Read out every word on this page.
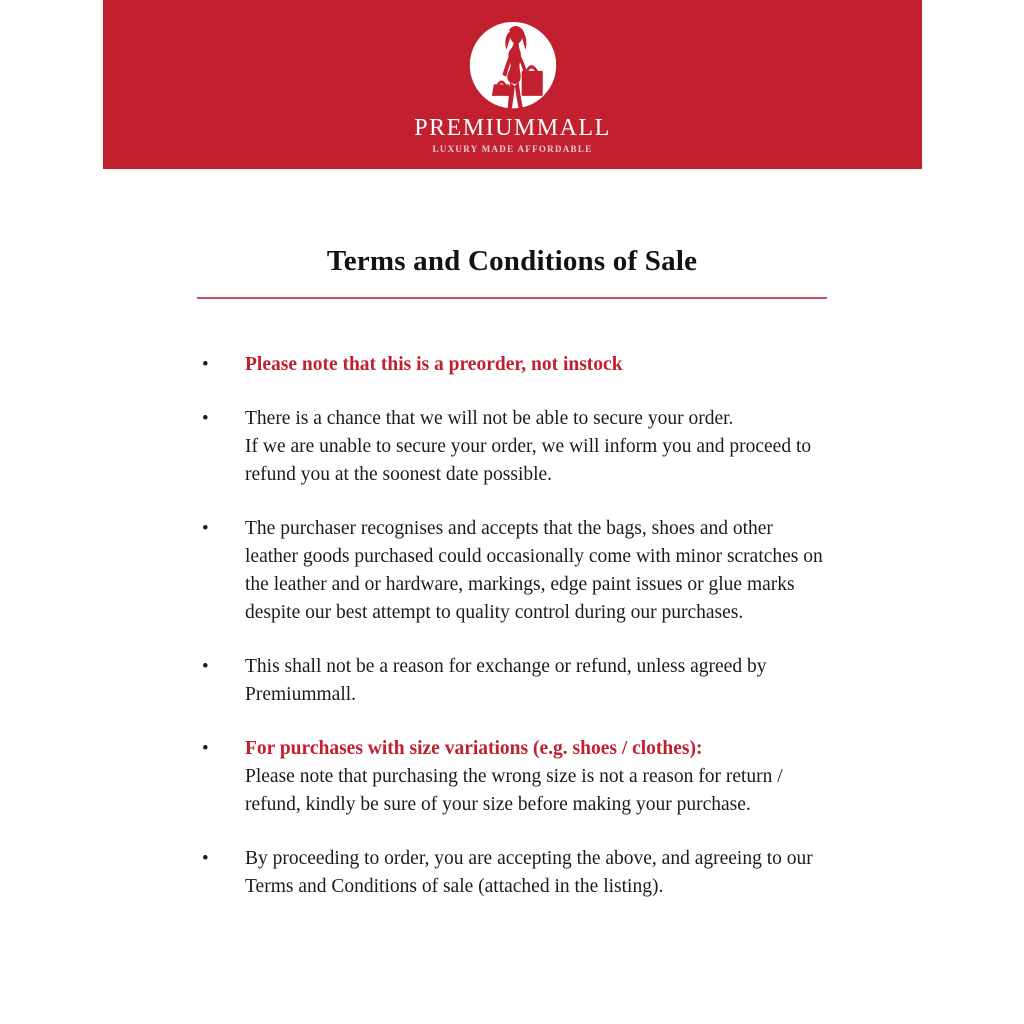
PREMIUMMALL
LUXURY MADE AFFORDABLE
Terms and Conditions of Sale
•	Please note that this is a preorder, not instock
•	There is a chance that we will not be able to secure your order.
If we are unable to secure your order, we will inform you and proceed to
refund you at the soonest date possible.
•	The purchaser recognises and accepts that the bags, shoes and other
leather goods purchased could occasionally come with minor scratches on
the leather and or hardware, markings, edge paint issues or glue marks
despite our best attempt to quality control during our purchases.
•	This shall not be a reason for exchange or refund, unless agreed by
Premiummall.
•	For purchases with size variations (e.g. shoes / clothes):
Please note that purchasing the wrong size is not a reason for return /
refund, kindly be sure of your size before making your purchase.
•	By proceeding to order, you are accepting the above, and agreeing to our
Terms and Conditions of sale (attached in the listing).
